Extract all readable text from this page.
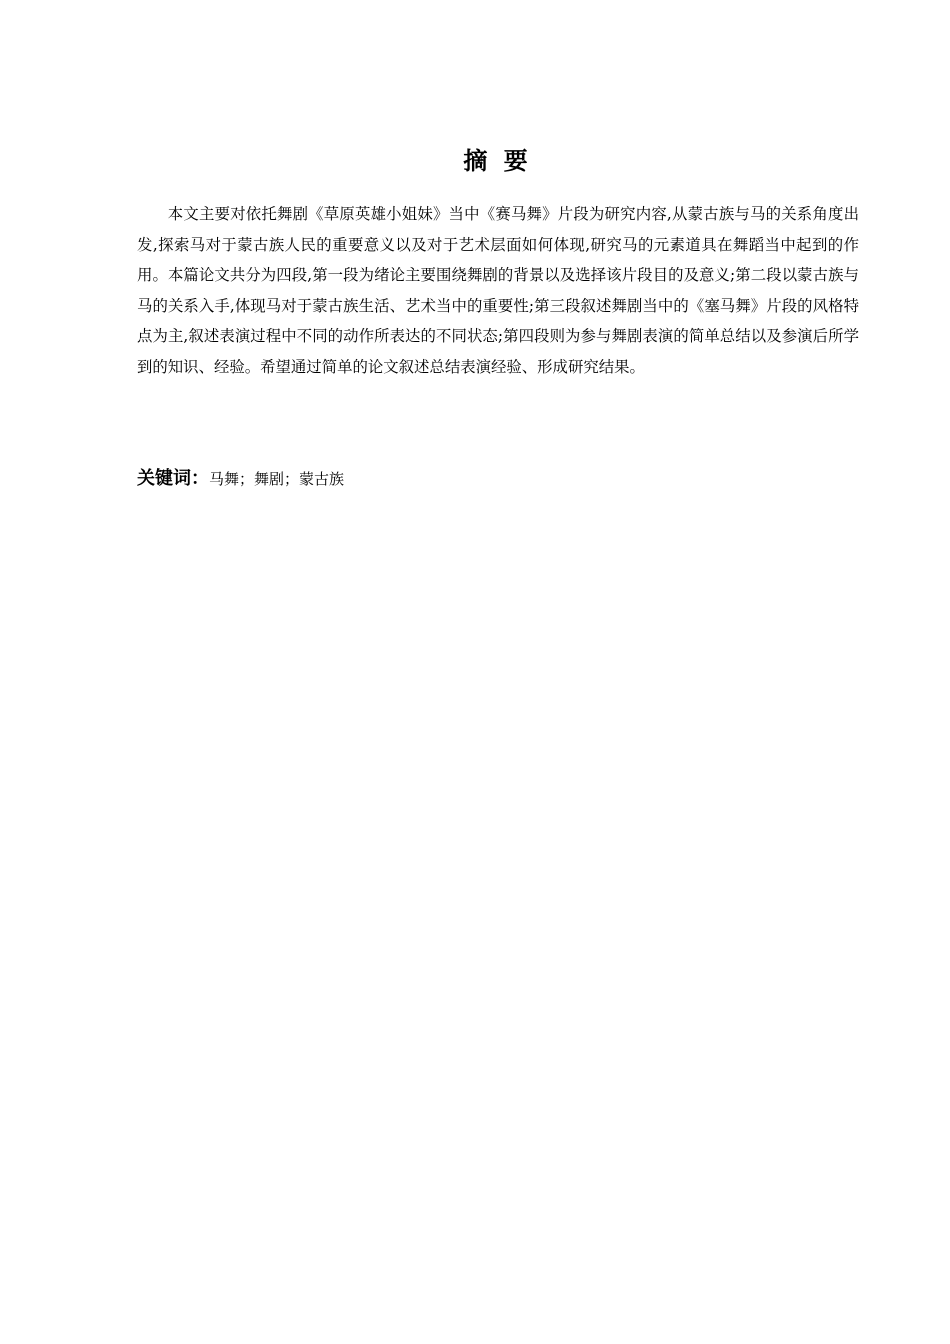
摘 要

本文主要对依托舞剧《草原英雄小姐妹》当中《赛马舞》片段为研究内容,从蒙古族与马的关系角度出发,探索马对于蒙古族人民的重要意义以及对于艺术层面如何体现,研究马的元素道具在舞蹈当中起到的作用。本篇论文共分为四段,第一段为绪论主要围绕舞剧的背景以及选择该片段目的及意义;第二段以蒙古族与马的关系入手,体现马对于蒙古族生活、艺术当中的重要性;第三段叙述舞剧当中的《塞马舞》片段的风格特点为主,叙述表演过程中不同的动作所表达的不同状态;第四段则为参与舞剧表演的简单总结以及参演后所学到的知识、经验。希望通过简单的论文叙述总结表演经验、形成研究结果。

关键词：马舞；舞剧；蒙古族
